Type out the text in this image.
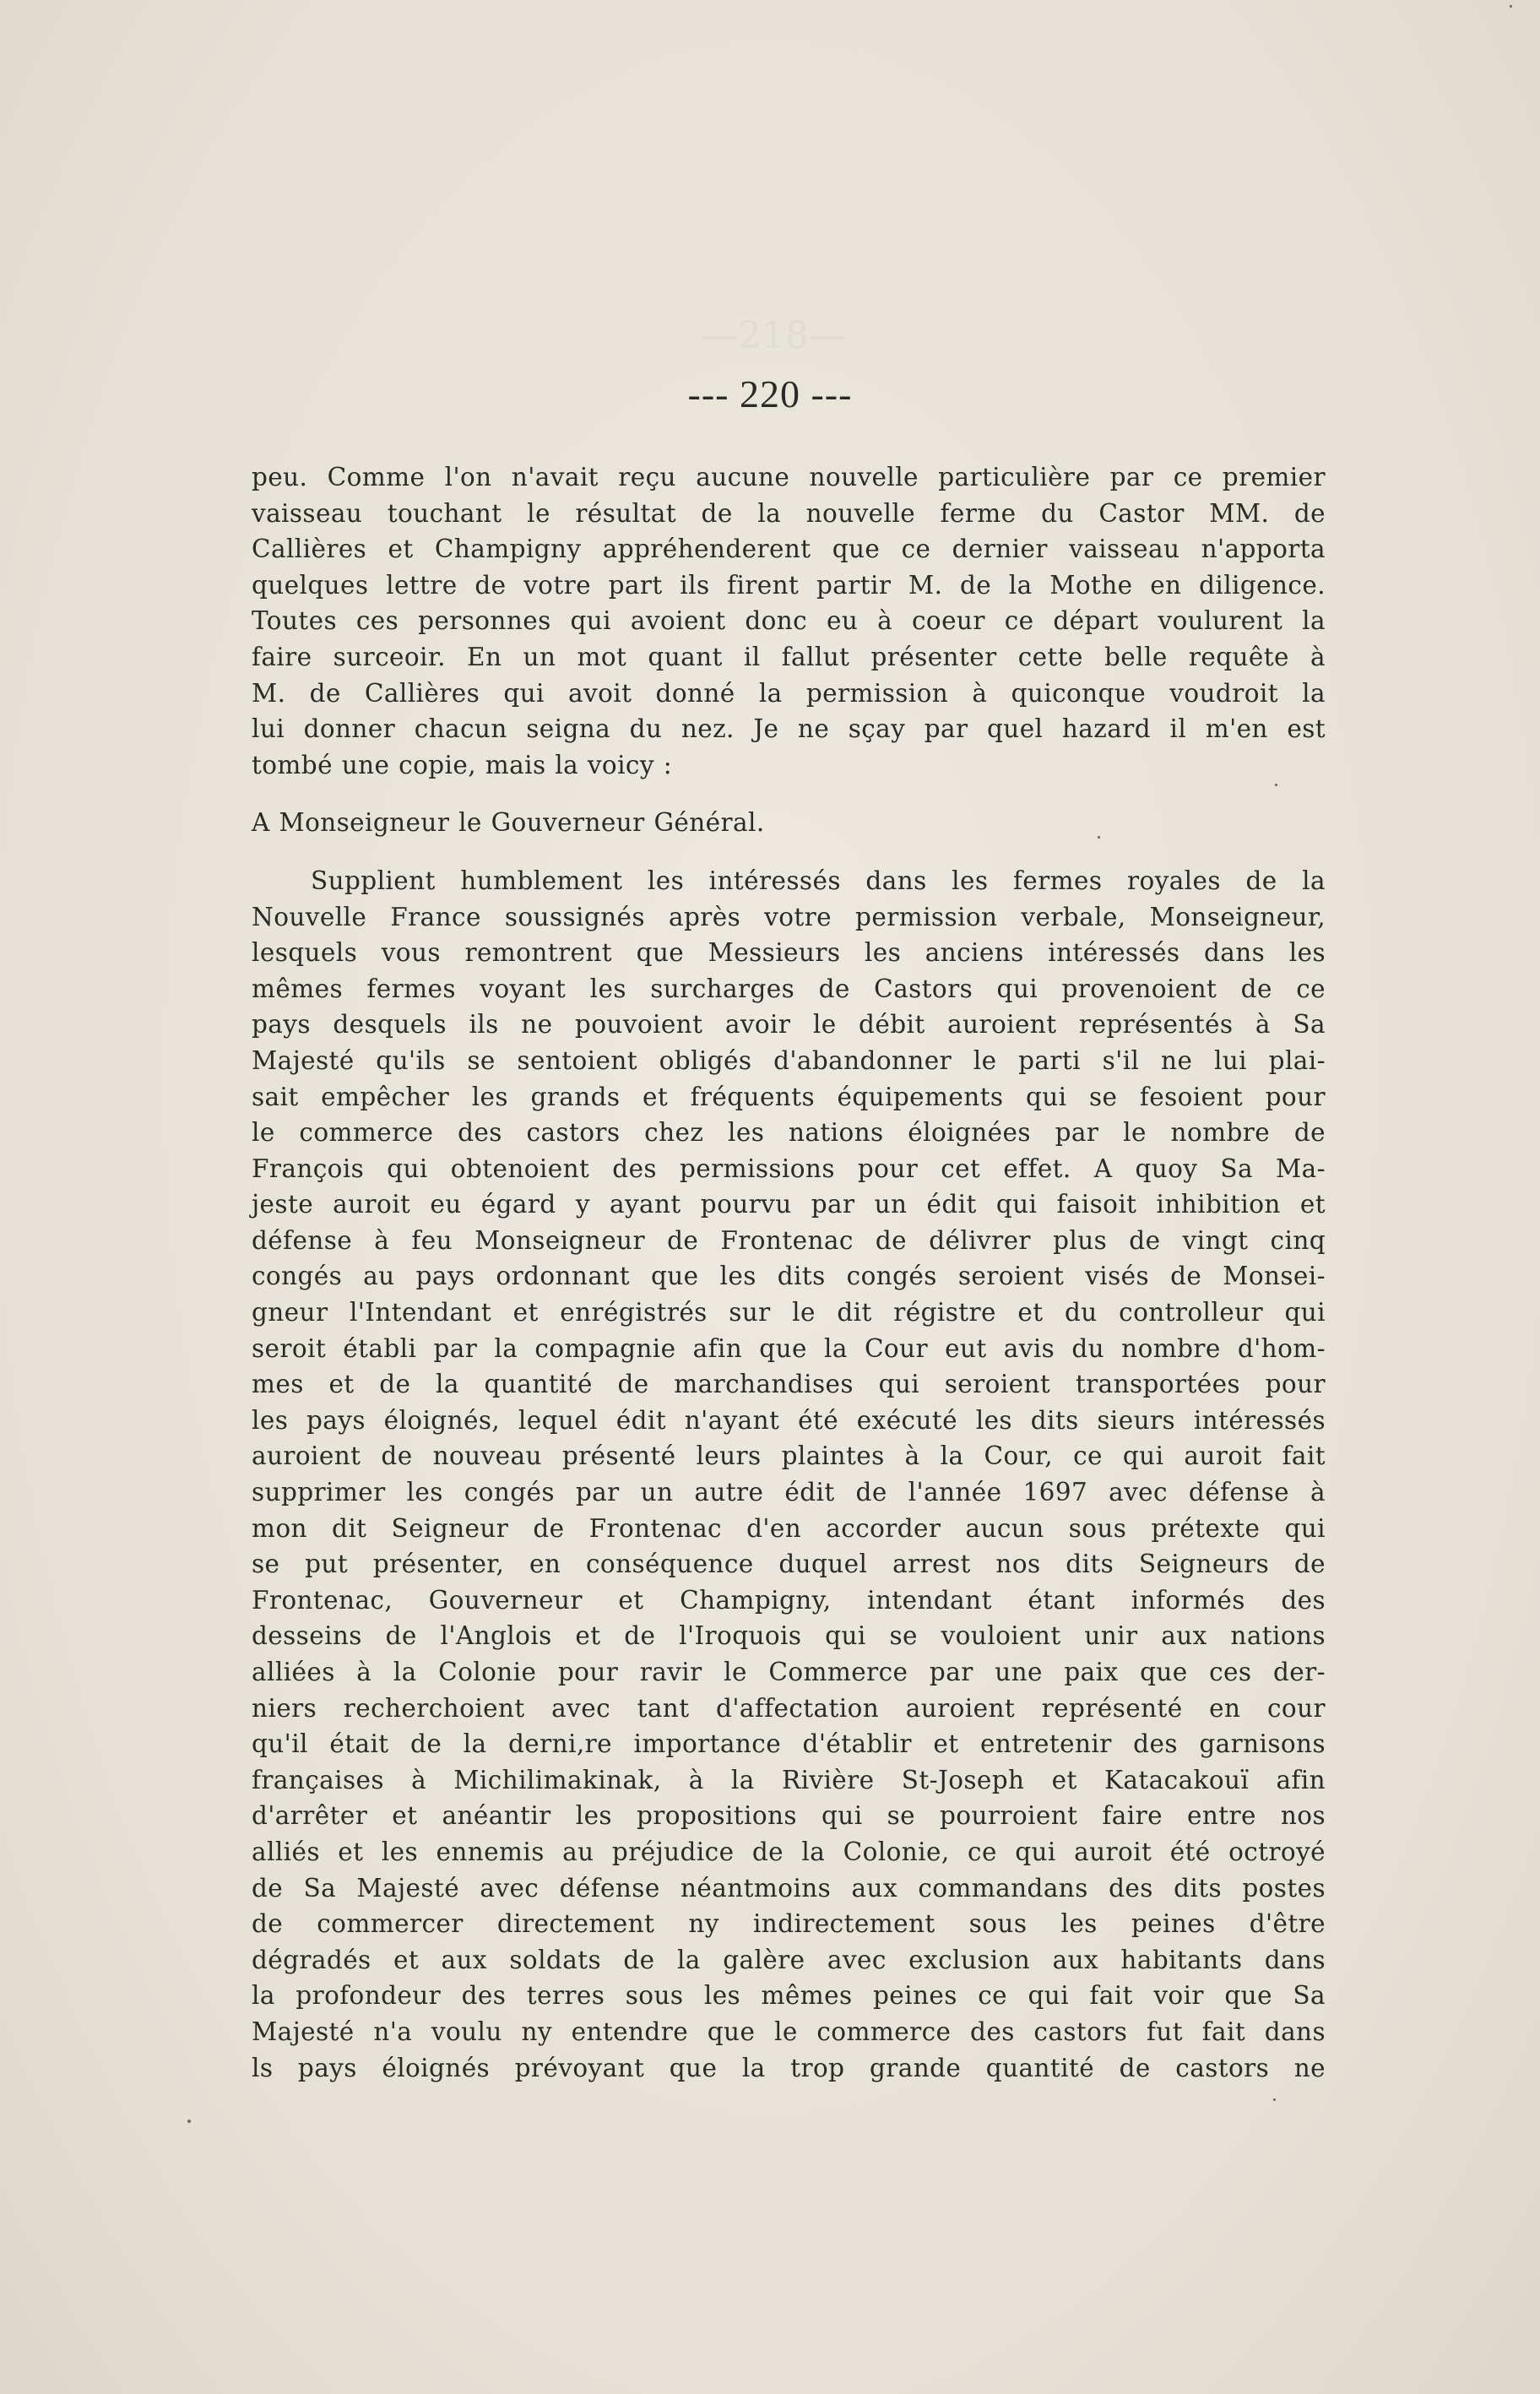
—218—
--- 220 ---
peu. Comme l'on n'avait reçu aucune nouvelle particulière par ce premier
vaisseau touchant le résultat de la nouvelle ferme du Castor MM. de
Callières et Champigny appréhenderent que ce dernier vaisseau n'apporta
quelques lettre de votre part ils firent partir M. de la Mothe en diligence.
Toutes ces personnes qui avoient donc eu à coeur ce départ voulurent la
faire surceoir. En un mot quant il fallut présenter cette belle requête à
M. de Callières qui avoit donné la permission à quiconque voudroit la
lui donner chacun seigna du nez. Je ne sçay par quel hazard il m'en est
tombé une copie, mais la voicy :
A Monseigneur le Gouverneur Général.
Supplient humblement les intéressés dans les fermes royales de la
Nouvelle France soussignés après votre permission verbale, Monseigneur,
lesquels vous remontrent que Messieurs les anciens intéressés dans les
mêmes fermes voyant les surcharges de Castors qui provenoient de ce
pays desquels ils ne pouvoient avoir le débit auroient représentés à Sa
Majesté qu'ils se sentoient obligés d'abandonner le parti s'il ne lui plai-
sait empêcher les grands et fréquents équipements qui se fesoient pour
le commerce des castors chez les nations éloignées par le nombre de
François qui obtenoient des permissions pour cet effet. A quoy Sa Ma-
jeste auroit eu égard y ayant pourvu par un édit qui faisoit inhibition et
défense à feu Monseigneur de Frontenac de délivrer plus de vingt cinq
congés au pays ordonnant que les dits congés seroient visés de Monsei-
gneur l'Intendant et enrégistrés sur le dit régistre et du controlleur qui
seroit établi par la compagnie afin que la Cour eut avis du nombre d'hom-
mes et de la quantité de marchandises qui seroient transportées pour
les pays éloignés, lequel édit n'ayant été exécuté les dits sieurs intéressés
auroient de nouveau présenté leurs plaintes à la Cour, ce qui auroit fait
supprimer les congés par un autre édit de l'année 1697 avec défense à
mon dit Seigneur de Frontenac d'en accorder aucun sous prétexte qui
se put présenter, en conséquence duquel arrest nos dits Seigneurs de
Frontenac, Gouverneur et Champigny, intendant étant informés des
desseins de l'Anglois et de l'Iroquois qui se vouloient unir aux nations
alliées à la Colonie pour ravir le Commerce par une paix que ces der-
niers recherchoient avec tant d'affectation auroient représenté en cour
qu'il était de la derni,re importance d'établir et entretenir des garnisons
françaises à Michilimakinak, à la Rivière St-Joseph et Katacakouï afin
d'arrêter et anéantir les propositions qui se pourroient faire entre nos
alliés et les ennemis au préjudice de la Colonie, ce qui auroit été octroyé
de Sa Majesté avec défense néantmoins aux commandans des dits postes
de commercer directement ny indirectement sous les peines d'être
dégradés et aux soldats de la galère avec exclusion aux habitants dans
la profondeur des terres sous les mêmes peines ce qui fait voir que Sa
Majesté n'a voulu ny entendre que le commerce des castors fut fait dans
ls pays éloignés prévoyant que la trop grande quantité de castors ne
